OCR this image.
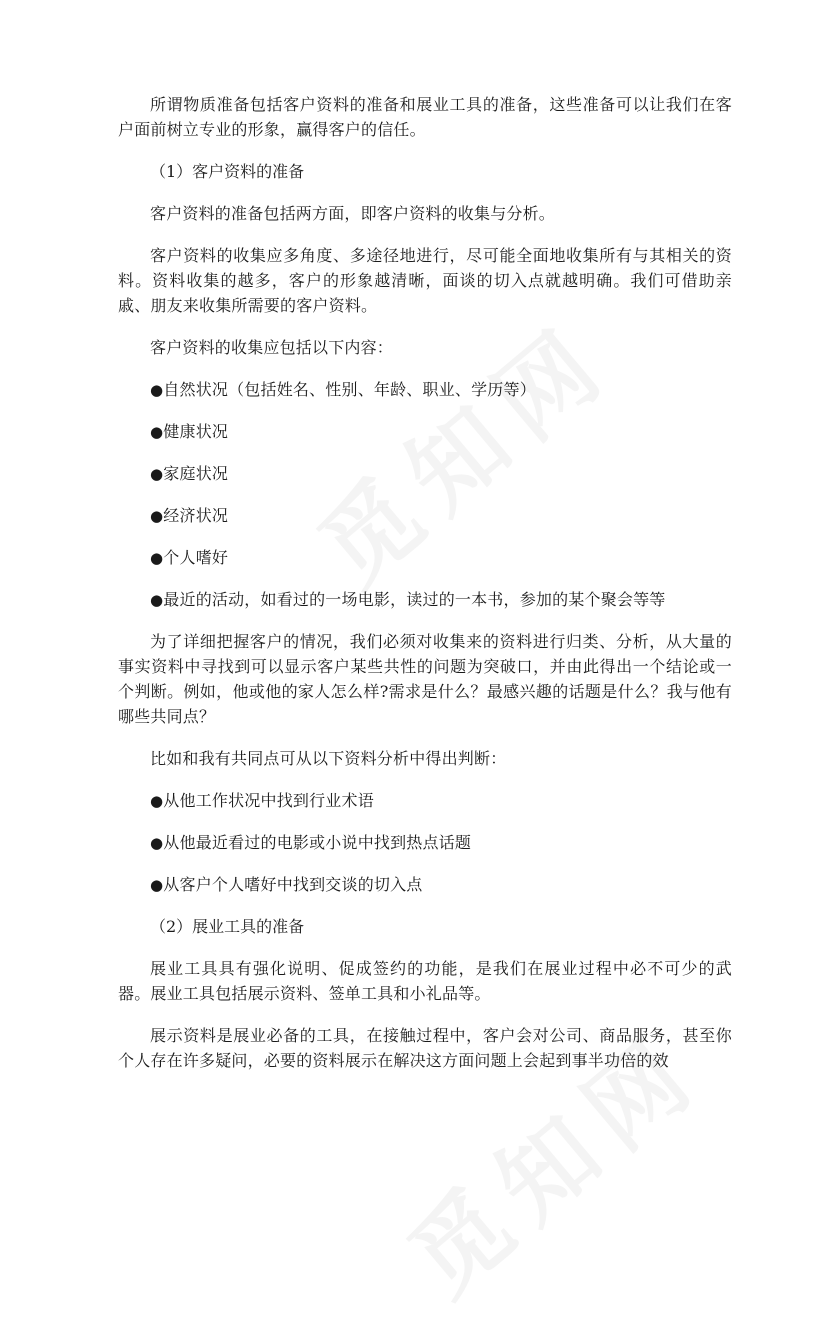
所谓物质准备包括客户资料的准备和展业工具的准备，这些准备可以让我们在客户面前树立专业的形象，赢得客户的信任。

（1）客户资料的准备

客户资料的准备包括两方面，即客户资料的收集与分析。

客户资料的收集应多角度、多途径地进行，尽可能全面地收集所有与其相关的资料。资料收集的越多，客户的形象越清晰，面谈的切入点就越明确。我们可借助亲戚、朋友来收集所需要的客户资料。

客户资料的收集应包括以下内容：

●自然状况（包括姓名、性别、年龄、职业、学历等）

●健康状况

●家庭状况

●经济状况

●个人嗜好

●最近的活动，如看过的一场电影，读过的一本书，参加的某个聚会等等

为了详细把握客户的情况，我们必须对收集来的资料进行归类、分析，从大量的事实资料中寻找到可以显示客户某些共性的问题为突破口，并由此得出一个结论或一个判断。例如，他或他的家人怎么样?需求是什么？最感兴趣的话题是什么？我与他有哪些共同点？

比如和我有共同点可从以下资料分析中得出判断：

●从他工作状况中找到行业术语

●从他最近看过的电影或小说中找到热点话题

●从客户个人嗜好中找到交谈的切入点

（2）展业工具的准备

展业工具具有强化说明、促成签约的功能，是我们在展业过程中必不可少的武器。展业工具包括展示资料、签单工具和小礼品等。

展示资料是展业必备的工具，在接触过程中，客户会对公司、商品服务，甚至你个人存在许多疑问，必要的资料展示在解决这方面问题上会起到事半功倍的效
